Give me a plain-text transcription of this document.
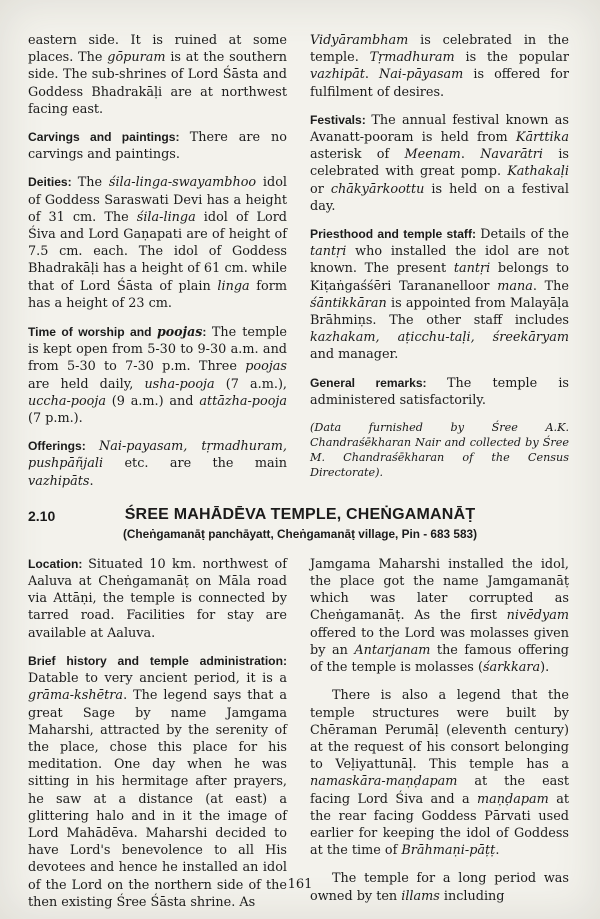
eastern side. It is ruined at some places. The gōpuram is at the southern side. The sub-shrines of Lord Śāsta and Goddess Bhadrakāḷi are at northwest facing east.

Carvings and paintings: There are no carvings and paintings.

Deities: The śila-linga-swayambhoo idol of Goddess Saraswati Devi has a height of 31 cm. The śila-linga idol of Lord Śiva and Lord Gaṇapati are of height of 7.5 cm. each. The idol of Goddess Bhadrakāḷi has a height of 61 cm. while that of Lord Śāsta of plain linga form has a height of 23 cm.

Time of worship and poojas: The temple is kept open from 5-30 to 9-30 a.m. and from 5-30 to 7-30 p.m. Three poojas are held daily, usha-pooja (7 a.m.), uccha-pooja (9 a.m.) and attāzha-pooja (7 p.m.).

Offerings: Nai-payasam, tṛmadhuram, pushpāñjali etc. are the main vazhipāts.

Vidyārambham is celebrated in the temple. Tṛmadhuram is the popular vazhipāt. Nai-pāyasam is offered for fulfilment of desires.

Festivals: The annual festival known as Avanatt-pooram is held from Kārttika asterisk of Meenam. Navarātri is celebrated with great pomp. Kathakaḷi or chākyārkoottu is held on a festival day.

Priesthood and temple staff: Details of the tantṛi who installed the idol are not known. The present tantṛi belongs to Kiṭaṅgaśśēri Tarananelloor mana. The śāntikkāran is appointed from Malayāḷa Brāhmiṇs. The other staff includes kazhakam, aṭicchu-taḷi, śreekāryam and manager.

General remarks: The temple is administered satisfactorily.

(Data furnished by Śree A.K. Chandraśēkharan Nair and collected by Śree M. Chandraśēkharan of the Census Directorate).

2.10	ŚREE MAHĀDĒVA TEMPLE, CHEṄGAMANĀṬ
(Cheṅgamanāṭ panchāyatt, Cheṅgamanāṭ village, Pin - 683 583)

Location: Situated 10 km. northwest of Aaluva at Cheṅgamanāṭ on Māla road via Attāṇi, the temple is connected by tarred road. Facilities for stay are available at Aaluva.

Brief history and temple administration: Datable to very ancient period, it is a grāma-kshētra. The legend says that a great Sage by name Jamgama Maharshi, attracted by the serenity of the place, chose this place for his meditation. One day when he was sitting in his hermitage after prayers, he saw at a distance (at east) a glittering halo and in it the image of Lord Mahādēva. Maharshi decided to have Lord's benevolence to all His devotees and hence he installed an idol of the Lord on the northern side of the then existing Śree Śāsta shrine. As

Jamgama Maharshi installed the idol, the place got the name Jamgamanāṭ which was later corrupted as Cheṅgamanāṭ. As the first nivēdyam offered to the Lord was molasses given by an Antarjanam the famous offering of the temple is molasses (śarkkara).

There is also a legend that the temple structures were built by Chēraman Perumāḷ (eleventh century) at the request of his consort belonging to Veḷiyattunāḷ. This temple has a namaskāra-maṇḍapam at the east facing Lord Śiva and a maṇḍapam at the rear facing Goddess Pārvati used earlier for keeping the idol of Goddess at the time of Brāhmaṇi-pāṭṭ.

The temple for a long period was owned by ten illams including

161
